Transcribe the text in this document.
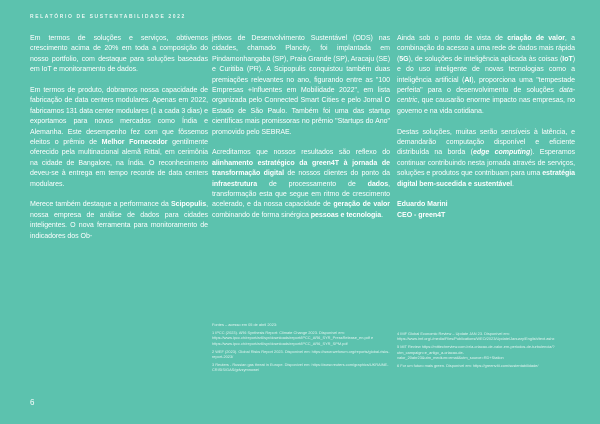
RELATÓRIO DE SUSTENTABILIDADE 2022

Em termos de soluções e serviços, obtivemos crescimento acima de 20% em toda a composição do nosso portfolio, com destaque para soluções baseadas em IoT e monitoramento de dados.

Em termos de produto, dobramos nossa capacidade de fabricação de data centers modulares. Apenas em 2022, fabricamos 131 data center modulares (1 a cada 3 dias) e exportamos para novos mercados como Índia e Alemanha. Este desempenho fez com que fôssemos eleitos o prêmio de Melhor Fornecedor gentilmente oferecido pela multinacional alemã Rittal, em cerimônia na cidade de Bangalore, na Índia. O reconhecimento deveu-se à entrega em tempo recorde de data centers modulares.

Merece também destaque a performance da Scipopulis, nossa empresa de análise de dados para cidades inteligentes. O nova ferramenta para monitoramento de indicadores dos Ob-

jetivos de Desenvolvimento Sustentável (ODS) nas cidades, chamado Plancity, foi implantada em Pindamonhangaba (SP), Praia Grande (SP), Aracaju (SE) e Curitiba (PR). A Scipopulis conquistou também duas premiações relevantes no ano, figurando entre as "100 Empresas +Influentes em Mobilidade 2022", em lista organizada pelo Connected Smart Cities e pelo Jornal O Estado de São Paulo. Também foi uma das startup científicas mais promissoras no prêmio "Startups do Ano" promovido pelo SEBRAE.

Acreditamos que nossos resultados são reflexo do alinhamento estratégico da green4T à jornada de transformação digital de nossos clientes do ponto da infraestrutura de processamento de dados, transformação esta que segue em ritmo de crescimento acelerado, e da nossa capacidade de geração de valor combinando de forma sinérgica pessoas e tecnologia.

Ainda sob o ponto de vista de criação de valor, a combinação do acesso a uma rede de dados mais rápida (5G), de soluções de inteligência aplicada às coisas (IoT) e do uso inteligente de novas tecnologias como a inteligência artificial (AI), proporciona uma "tempestade perfeita" para o desenvolvimento de soluções data-centric, que causarão enorme impacto nas empresas, no governo e na vida cotidiana.

Destas soluções, muitas serão sensíveis à latência, e demandarão computação disponível e eficiente distribuída na borda (edge computing). Esperamos continuar contribuindo nesta jornada através de serviços, soluções e produtos que contribuam para uma estratégia digital bem-sucedida e sustentável.

Eduardo Marini
CEO - green4T

Fontes – acesso em 05 de abril 2023:

1 IPCC (2023). AR6 Synthesis Report: Climate Change 2023. Disponível em: https://www.ipcc.ch/report/ar6/syr/downloads/report/IPCC_AR6_SYR_PressRelease_en.pdf e https://www.ipcc.ch/report/ar6/syr/downloads/report/IPCC_AR6_SYR_SPM.pdf

2 WEF (2023). Global Risks Report 2023. Disponível em: https://www.weforum.org/reports/global-risks-report-2023/

3 Reuters - Russian gas threat in Europe. Disponível em: https://www.reuters.com/graphics/UKRAINE-CRISIS/GAS/gdvzymnowe/

4 IMF Global Economic Review – Update JAN 23. Disponível em: https://www.imf.org/-/media/Files/Publications/WEO/2023/Update/January/English/text.ashx

5 MIT Review https://mittechreview.com.br/a-criacao-de-valor-em-periodos-de-turbulencia/?utm_campaign=e_artigo_a-criacao-de-valor_20abr23&utm_medium=email&utm_source=RD+Station

6 For um futuro mais green. Disponível em: https://greenv4t.com/sustentabilidade/

6
